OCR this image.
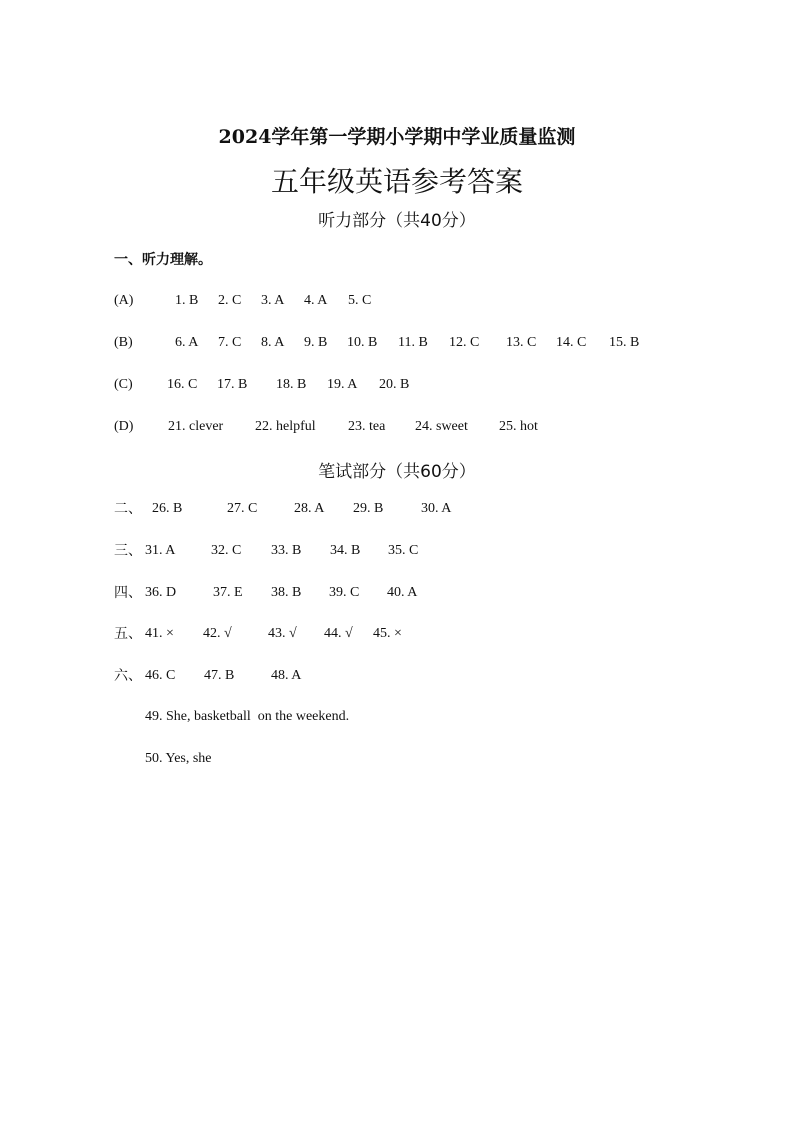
2024学年第一学期小学期中学业质量监测
五年级英语参考答案
听力部分（共40分）
一、听力理解。
(A)	1. B 2. C 3. A 4. A 5. C
(B)	6. A 7. C 8. A 9. B 10. B 11. B 12. C 13. C 14. C 15. B
(C) 16. C 17. B 18. B 19. A 20. B
(D) 21. clever 22. helpful 23. tea 24. sweet 25. hot
笔试部分（共60分）
二、 26. B	27. C	28. A 29. B	30. A
三、 31. A	32. C 33. B 34. B 35. C
四、 36. D	37. E 38. B 39. C 40. A
五、 41. × 42. √	43. √ 44. √ 45. ×
六、 46. C 47. B	48. A
49. She, basketball  on the weekend.
50. Yes, she
